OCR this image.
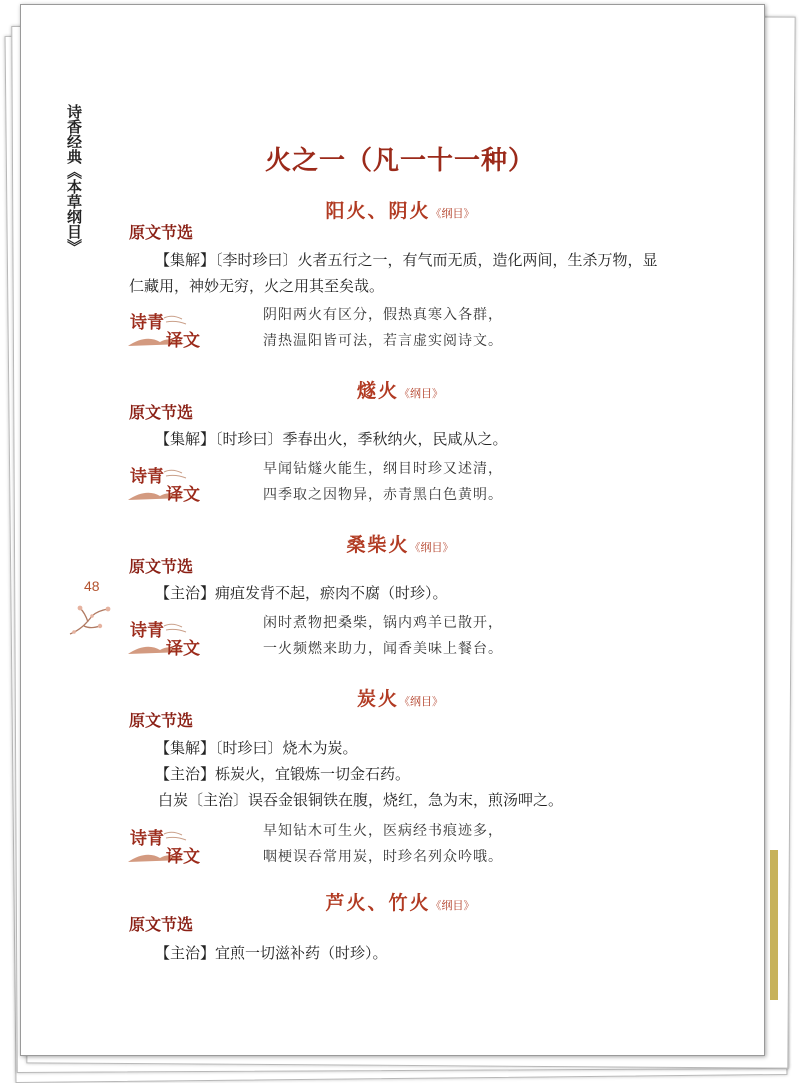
诗香经典《本草纲目》
48
火之一（凡一十一种）
阳火、阴火《纲目》
原文节选
【集解】〔李时珍曰〕火者五行之一，有气而无质，造化两间，生杀万物，显仁藏用，神妙无穷，火之用其至矣哉。
诗青
译文
阴阳两火有区分，假热真寒入各群，
清热温阳皆可法，若言虚实阅诗文。
燧火《纲目》
原文节选
【集解】〔时珍曰〕季春出火，季秋纳火，民咸从之。
诗青
译文
早闻钻燧火能生，纲目时珍又述清，
四季取之因物异，赤青黑白色黄明。
桑柴火《纲目》
原文节选
【主治】痈疽发背不起，瘀肉不腐（时珍）。
诗青
译文
闲时煮物把桑柴，锅内鸡羊已散开，
一火频燃来助力，闻香美味上餐台。
炭火《纲目》
原文节选
【集解】〔时珍曰〕烧木为炭。
【主治】栎炭火，宜锻炼一切金石药。
白炭〔主治〕误吞金银铜铁在腹，烧红，急为末，煎汤呷之。
诗青
译文
早知钻木可生火，医病经书痕迹多，
咽梗误吞常用炭，时珍名列众吟哦。
芦火、竹火《纲目》
原文节选
【主治】宜煎一切滋补药（时珍）。
